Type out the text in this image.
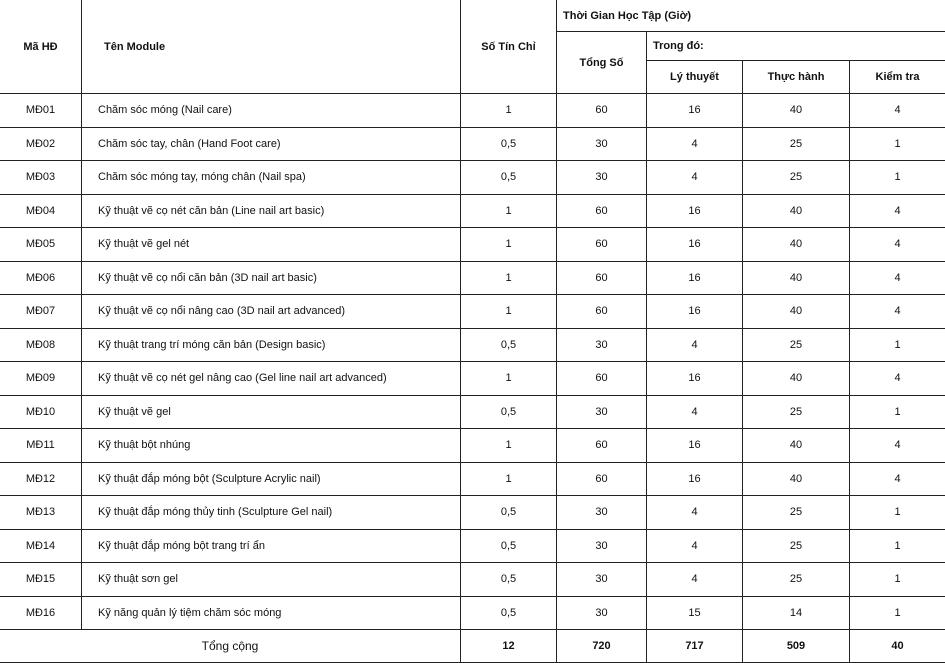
Mã HĐ	Tên Module	Số Tín Chỉ	Thời Gian Học Tập (Giờ)			
			Tổng Số	Trong đó:		
				Lý thuyết	Thực hành	Kiểm tra
MĐ01	Chăm sóc móng (Nail care)	1	60	16	40	4
MĐ02	Chăm sóc tay, chân (Hand Foot care)	0,5	30	4	25	1
MĐ03	Chăm sóc móng tay, móng chân (Nail spa)	0,5	30	4	25	1
MĐ04	Kỹ thuật vẽ cọ nét căn bản (Line nail art basic)	1	60	16	40	4
MĐ05	Kỹ thuật vẽ gel nét	1	60	16	40	4
MĐ06	Kỹ thuật vẽ cọ nổi căn bản (3D nail art basic)	1	60	16	40	4
MĐ07	Kỹ thuật vẽ cọ nổi nâng cao (3D nail art advanced)	1	60	16	40	4
MĐ08	Kỹ thuật trang trí móng căn bản (Design basic)	0,5	30	4	25	1
MĐ09	Kỹ thuật vẽ cọ nét gel nâng cao (Gel line nail art advanced)	1	60	16	40	4
MĐ10	Kỹ thuật vẽ gel	0,5	30	4	25	1
MĐ11	Kỹ thuật bột nhúng	1	60	16	40	4
MĐ12	Kỹ thuật đắp móng bột (Sculpture Acrylic nail)	1	60	16	40	4
MĐ13	Kỹ thuật đắp móng thủy tinh (Sculpture Gel nail)	0,5	30	4	25	1
MĐ14	Kỹ thuật đắp móng bột trang trí ẩn	0,5	30	4	25	1
MĐ15	Kỹ thuật sơn gel	0,5	30	4	25	1
MĐ16	Kỹ năng quản lý tiệm chăm sóc móng	0,5	30	15	14	1
Tổng cộng		12	720	717	509	40
